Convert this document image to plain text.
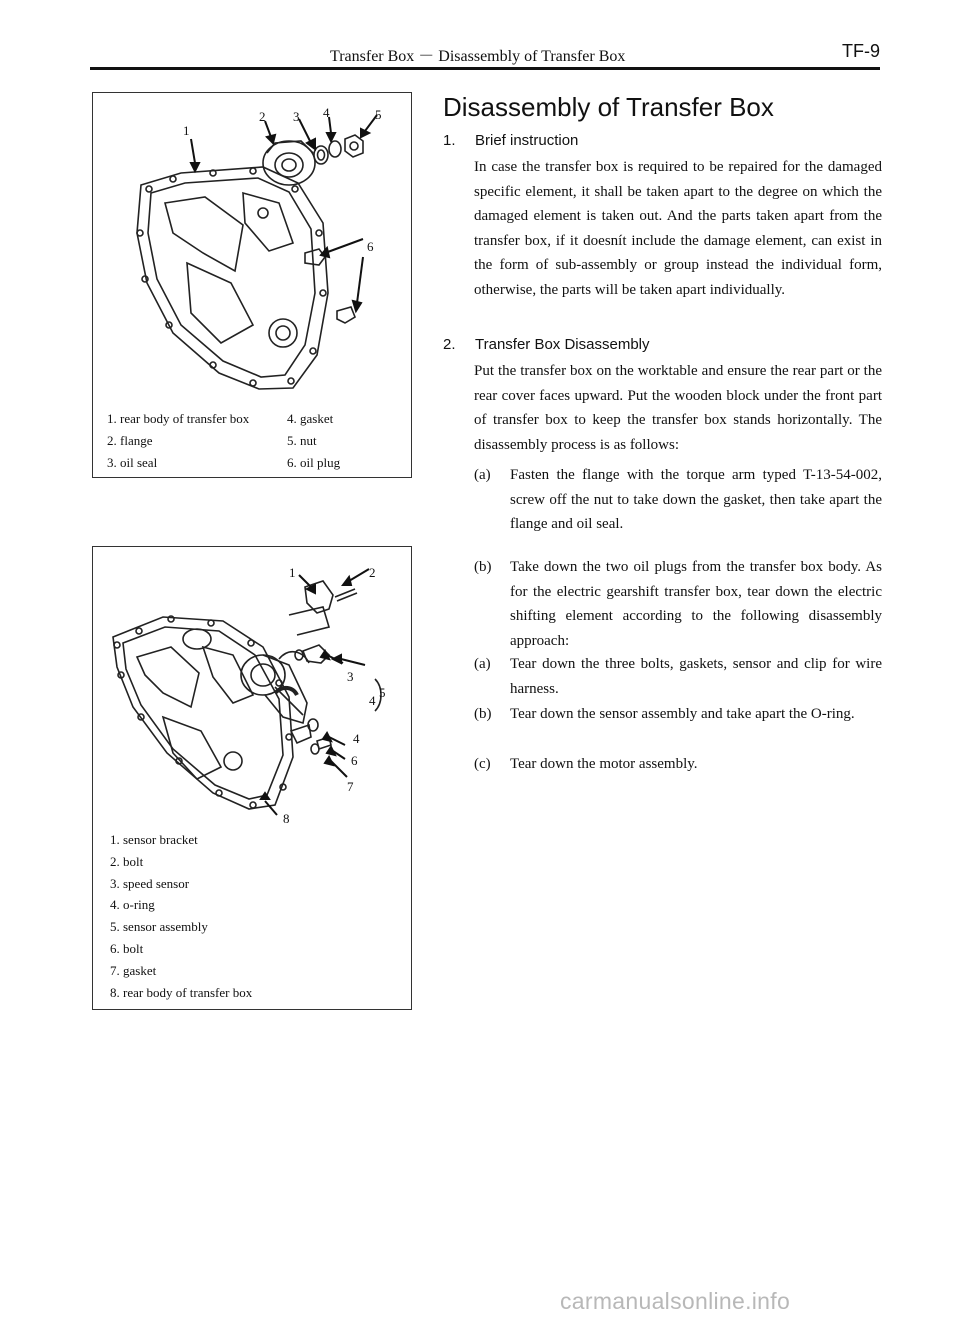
Transfer Box － Disassembly of Transfer Box	TF-9
1
2 3 4	5
6
1. rear body of transfer box
2. flange
3. oil seal
4. gasket
5. nut
6. oil plug
1	2
3
4
5
4
6
7
8
1. sensor bracket
2. bolt
3. speed sensor
4. o-ring
5. sensor assembly
6. bolt
7. gasket
8. rear body of transfer box
Disassembly of Transfer Box
1. Brief instruction
In case the transfer box is required to be repaired for the damaged specific element, it shall be taken apart to the degree on which the damaged element is taken out. And the parts taken apart from the transfer box, if it doesnít include the damage element, can exist in the form of sub-assembly or group instead the individual form, otherwise, the parts will be taken apart individually.
2. Transfer Box Disassembly
Put the transfer box on the worktable and ensure the rear part or the rear cover faces upward. Put the wooden block under the front part of transfer box to keep the transfer box stands horizontally. The disassembly process is as follows:
(a)	Fasten the flange with the torque arm typed T-13-54-002, screw off the nut to take down the gasket, then take apart the flange and oil seal.
(b)	Take down the two oil plugs from the transfer box body. As for the electric gearshift transfer box, tear down the electric shifting element according to the following disassembly approach:
(a)	Tear down the three bolts, gaskets, sensor and clip for wire harness.
(b)	Tear down the sensor assembly and take apart the O-ring.
(c)	Tear down the motor assembly.
carmanualsonline.info
